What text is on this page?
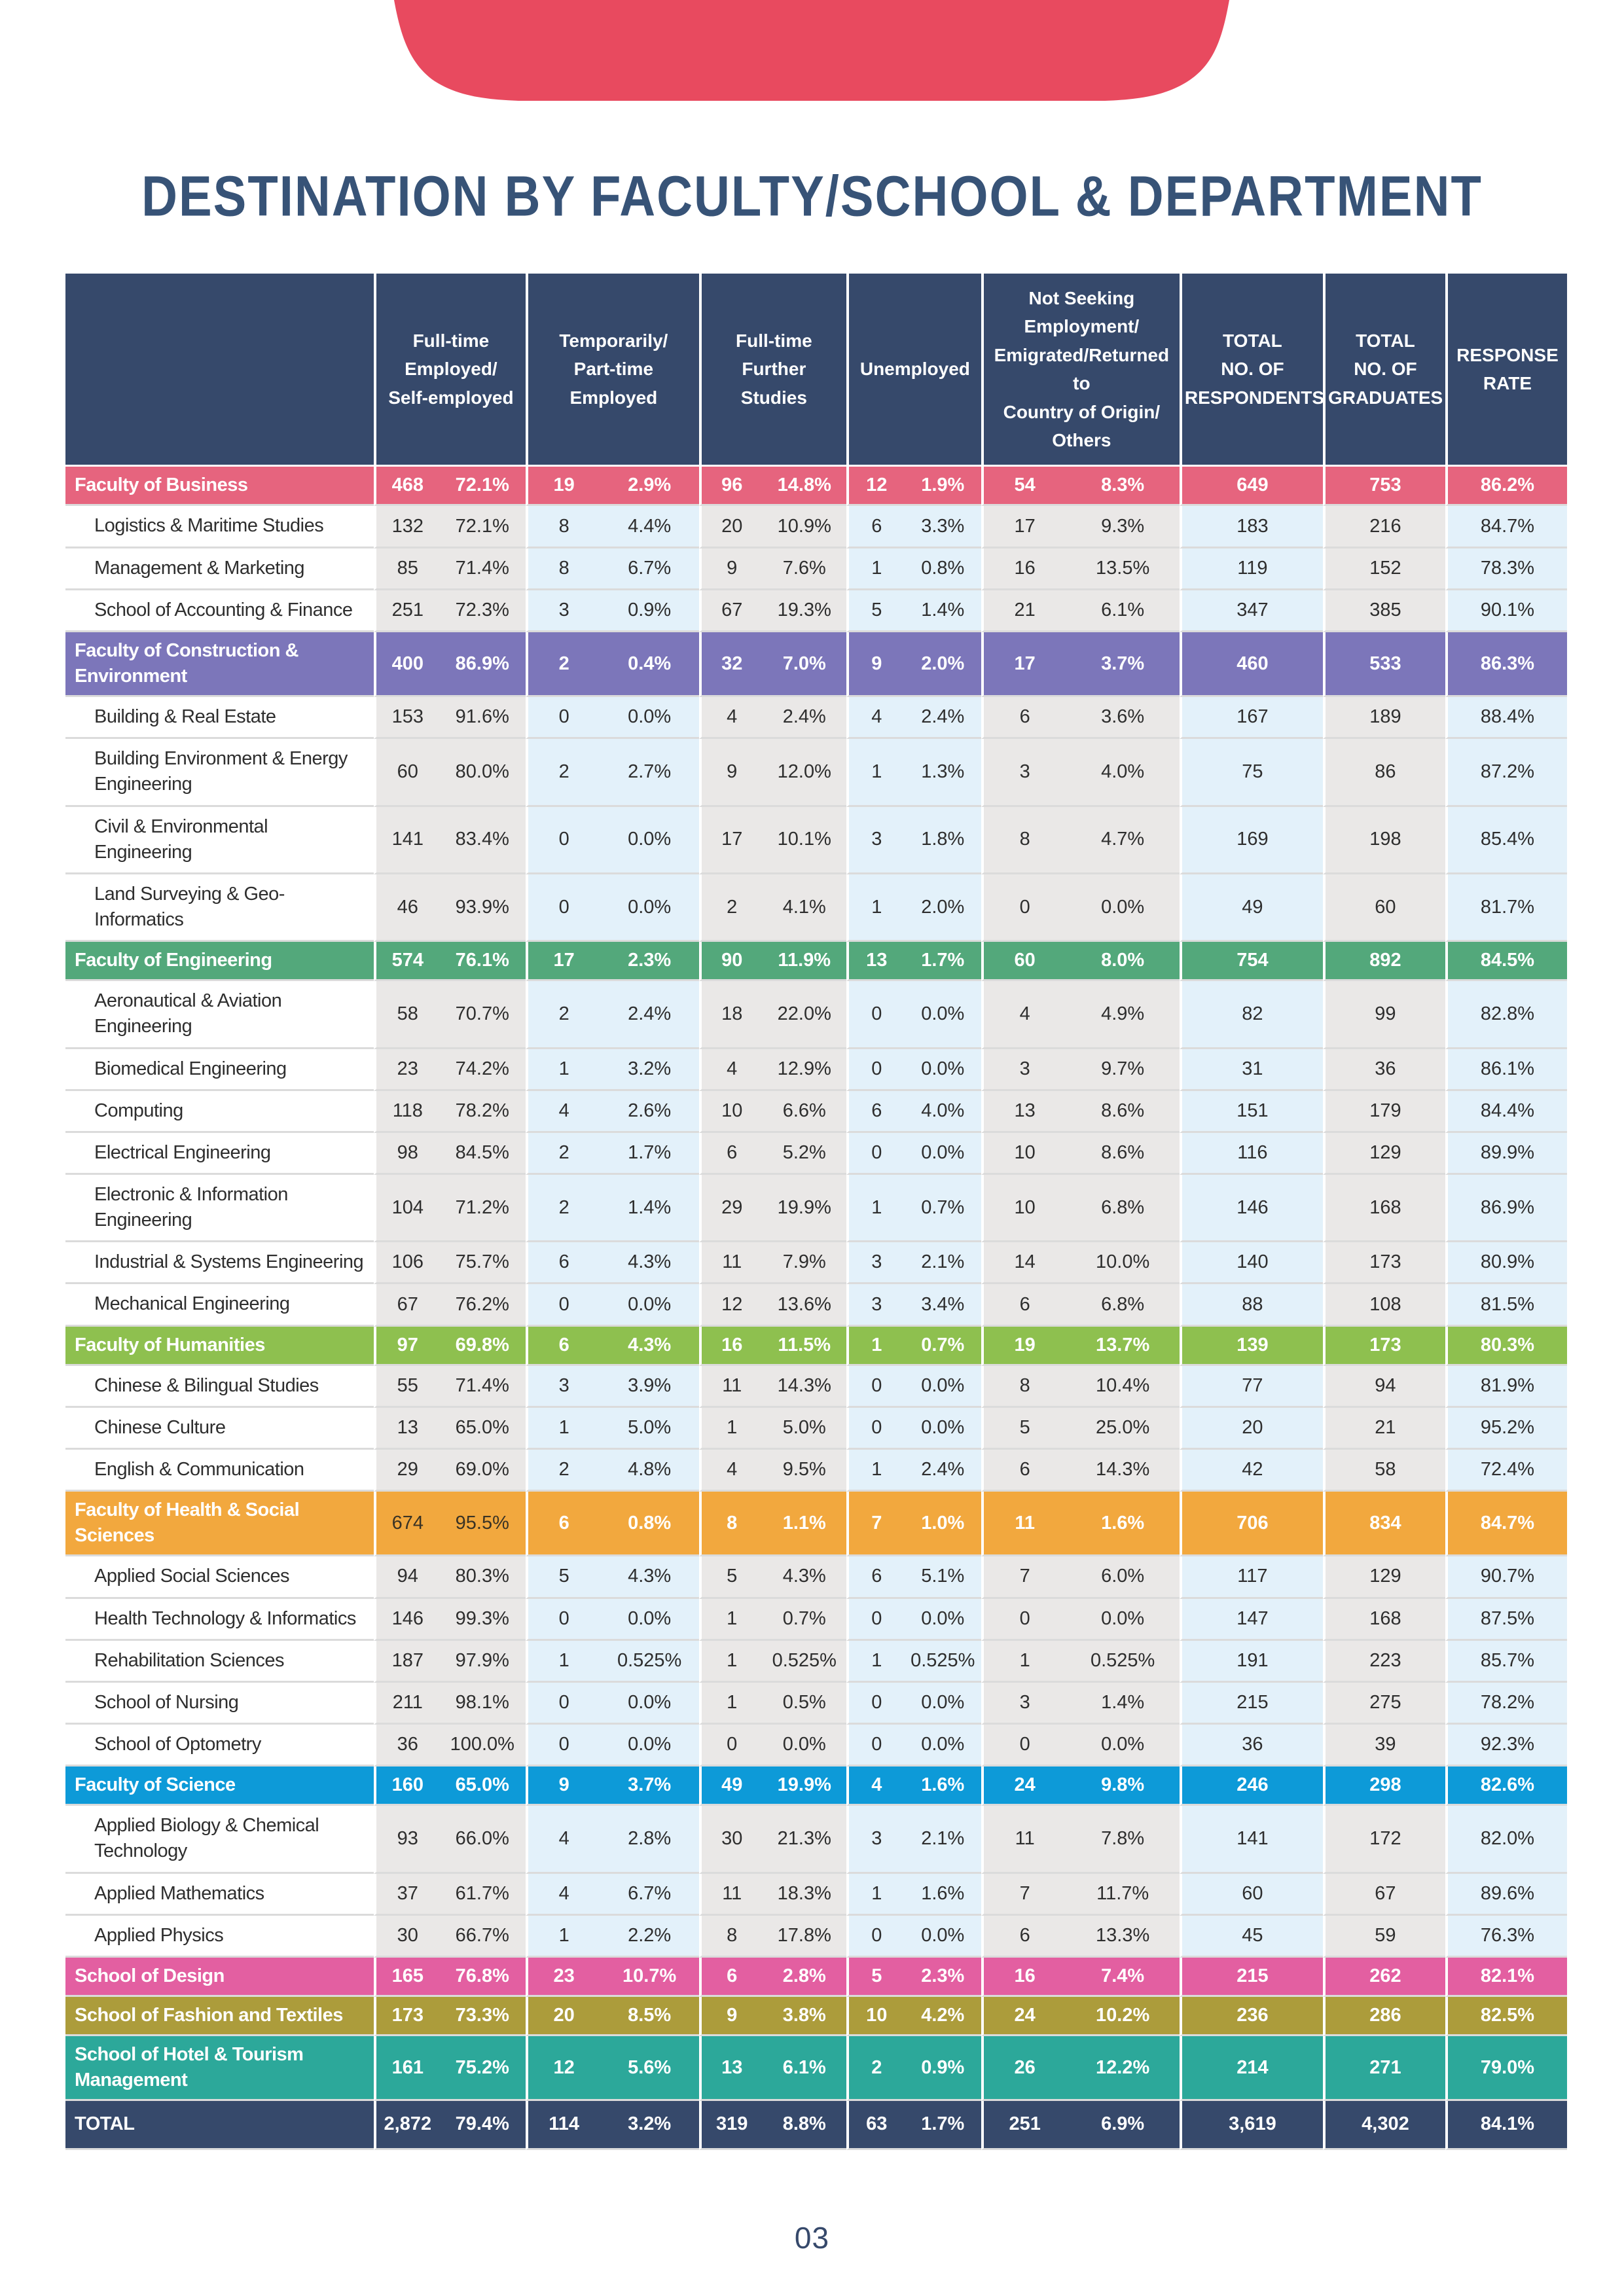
DESTINATION BY FACULTY/SCHOOL & DEPARTMENT
	Full-time
Employed/
Self-employed	Temporarily/
Part-time
Employed	Full-time
Further
Studies	Unemployed	Not Seeking
Employment/
Emigrated/Returned to
Country of Origin/
Others	TOTAL
NO. OF
RESPONDENTS	TOTAL
NO. OF
GRADUATES	RESPONSE
RATE
Faculty of Business	468 72.1%	19 2.9%	96 14.8%	12 1.9%	54 8.3%	649	753	86.2%
Logistics & Maritime Studies	132 72.1%	8 4.4%	20 10.9%	6 3.3%	17 9.3%	183	216	84.7%
Management & Marketing	85 71.4%	8 6.7%	9 7.6%	1 0.8%	16 13.5%	119	152	78.3%
School of Accounting & Finance	251 72.3%	3 0.9%	67 19.3%	5 1.4%	21 6.1%	347	385	90.1%
Faculty of Construction & Environment	400 86.9%	2 0.4%	32 7.0%	9 2.0%	17 3.7%	460	533	86.3%
Building & Real Estate	153 91.6%	0 0.0%	4 2.4%	4 2.4%	6 3.6%	167	189	88.4%
Building Environment & Energy Engineering	60 80.0%	2 2.7%	9 12.0%	1 1.3%	3 4.0%	75	86	87.2%
Civil & Environmental Engineering	141 83.4%	0 0.0%	17 10.1%	3 1.8%	8 4.7%	169	198	85.4%
Land Surveying & Geo-Informatics	46 93.9%	0 0.0%	2 4.1%	1 2.0%	0 0.0%	49	60	81.7%
Faculty of Engineering	574 76.1%	17 2.3%	90 11.9%	13 1.7%	60 8.0%	754	892	84.5%
Aeronautical & Aviation Engineering	58 70.7%	2 2.4%	18 22.0%	0 0.0%	4 4.9%	82	99	82.8%
Biomedical Engineering	23 74.2%	1 3.2%	4 12.9%	0 0.0%	3 9.7%	31	36	86.1%
Computing	118 78.2%	4 2.6%	10 6.6%	6 4.0%	13 8.6%	151	179	84.4%
Electrical Engineering	98 84.5%	2 1.7%	6 5.2%	0 0.0%	10 8.6%	116	129	89.9%
Electronic & Information Engineering	104 71.2%	2 1.4%	29 19.9%	1 0.7%	10 6.8%	146	168	86.9%
Industrial & Systems Engineering	106 75.7%	6 4.3%	11 7.9%	3 2.1%	14 10.0%	140	173	80.9%
Mechanical Engineering	67 76.2%	0 0.0%	12 13.6%	3 3.4%	6 6.8%	88	108	81.5%
Faculty of Humanities	97 69.8%	6 4.3%	16 11.5%	1 0.7%	19 13.7%	139	173	80.3%
Chinese & Bilingual Studies	55 71.4%	3 3.9%	11 14.3%	0 0.0%	8 10.4%	77	94	81.9%
Chinese Culture	13 65.0%	1 5.0%	1 5.0%	0 0.0%	5 25.0%	20	21	95.2%
English & Communication	29 69.0%	2 4.8%	4 9.5%	1 2.4%	6 14.3%	42	58	72.4%
Faculty of Health & Social Sciences	674 95.5%	6 0.8%	8 1.1%	7 1.0%	11 1.6%	706	834	84.7%
Applied Social Sciences	94 80.3%	5 4.3%	5 4.3%	6 5.1%	7 6.0%	117	129	90.7%
Health Technology & Informatics	146 99.3%	0 0.0%	1 0.7%	0 0.0%	0 0.0%	147	168	87.5%
Rehabilitation Sciences	187 97.9%	1 0.525%	1 0.525%	1 0.525%	1 0.525%	191	223	85.7%
School of Nursing	211 98.1%	0 0.0%	1 0.5%	0 0.0%	3 1.4%	215	275	78.2%
School of Optometry	36 100.0%	0 0.0%	0 0.0%	0 0.0%	0 0.0%	36	39	92.3%
Faculty of Science	160 65.0%	9 3.7%	49 19.9%	4 1.6%	24 9.8%	246	298	82.6%
Applied Biology & Chemical Technology	93 66.0%	4 2.8%	30 21.3%	3 2.1%	11 7.8%	141	172	82.0%
Applied Mathematics	37 61.7%	4 6.7%	11 18.3%	1 1.6%	7 11.7%	60	67	89.6%
Applied Physics	30 66.7%	1 2.2%	8 17.8%	0 0.0%	6 13.3%	45	59	76.3%
School of Design	165 76.8%	23 10.7%	6 2.8%	5 2.3%	16 7.4%	215	262	82.1%
School of Fashion and Textiles	173 73.3%	20 8.5%	9 3.8%	10 4.2%	24 10.2%	236	286	82.5%
School of Hotel & Tourism Management	161 75.2%	12 5.6%	13 6.1%	2 0.9%	26 12.2%	214	271	79.0%
TOTAL	2,872 79.4%	114 3.2%	319 8.8%	63 1.7%	251 6.9%	3,619	4,302	84.1%
03
